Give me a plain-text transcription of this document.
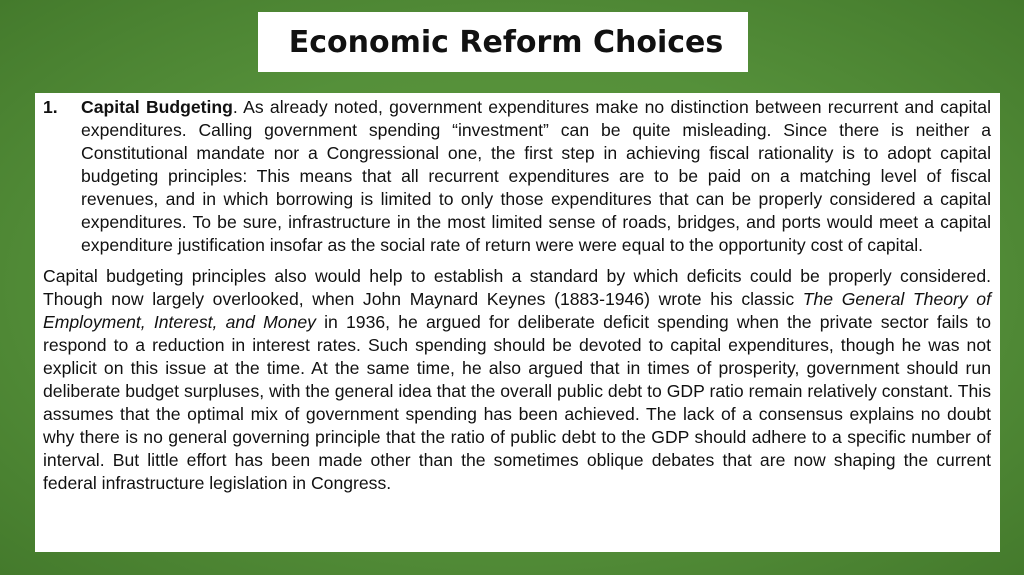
Economic Reform Choices
1.	Capital Budgeting. As already noted, government expenditures make no distinction between recurrent and capital expenditures. Calling government spending “investment” can be quite misleading. Since there is neither a Constitutional mandate nor a Congressional one, the first step in achieving fiscal rationality is to adopt capital budgeting principles: This means that all recurrent expenditures are to be paid on a matching level of fiscal revenues, and in which borrowing is limited to only those expenditures that can be properly considered a capital expenditures. To be sure, infrastructure in the most limited sense of roads, bridges, and ports would meet a capital expenditure justification insofar as the social rate of return were were equal to the opportunity cost of capital.

Capital budgeting principles also would help to establish a standard by which deficits could be properly considered. Though now largely overlooked, when John Maynard Keynes (1883-1946) wrote his classic The General Theory of Employment, Interest, and Money in 1936, he argued for deliberate deficit spending when the private sector fails to respond to a reduction in interest rates. Such spending should be devoted to capital expenditures, though he was not explicit on this issue at the time. At the same time, he also argued that in times of prosperity, government should run deliberate budget surpluses, with the general idea that the overall public debt to GDP ratio remain relatively constant. This assumes that the optimal mix of government spending has been achieved. The lack of a consensus explains no doubt why there is no general governing principle that the ratio of public debt to the GDP should adhere to a specific number of interval. But little effort has been made other than the sometimes oblique debates that are now shaping the current federal infrastructure legislation in Congress.
